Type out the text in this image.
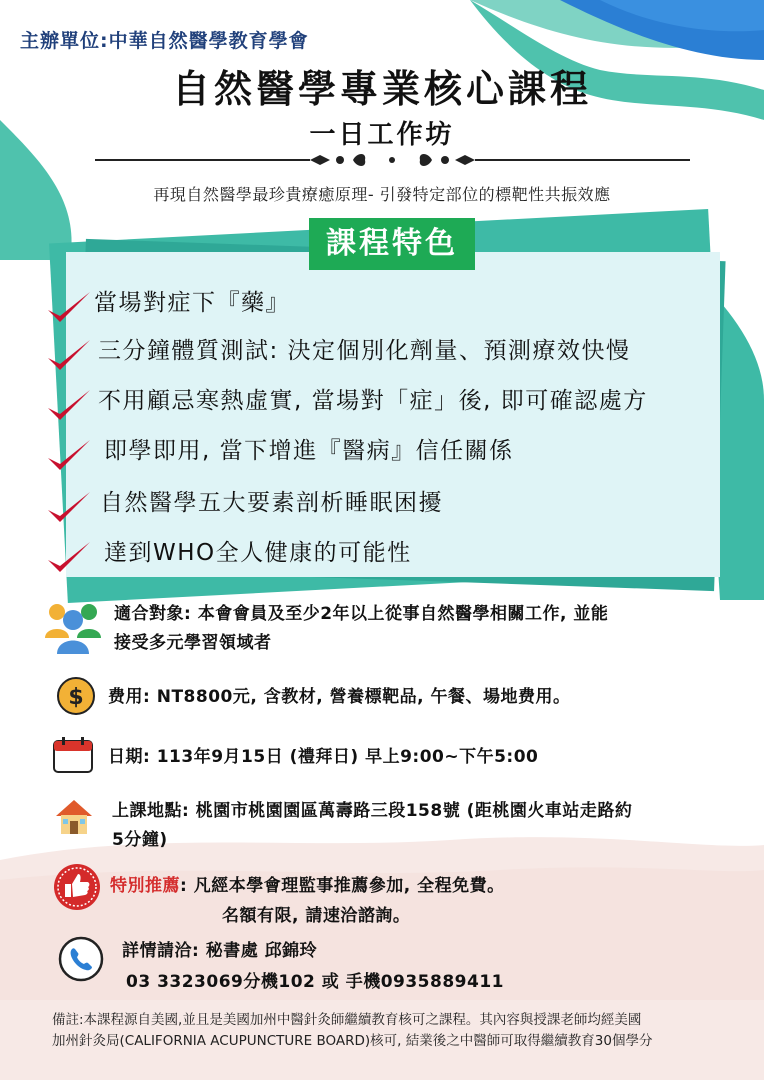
主辦單位:中華自然醫學教育學會
自然醫學專業核心課程
一日工作坊
再現自然醫學最珍貴療癒原理- 引發特定部位的標靶性共振效應
課程特色
當場對症下『藥』
三分鐘體質測試: 決定個別化劑量、預測療效快慢
不用顧忌寒熱虛實, 當場對「症」後, 即可確認處方
即學即用, 當下增進『醫病』信任關係
自然醫學五大要素剖析睡眠困擾
達到WHO全人健康的可能性
適合對象: 本會會員及至少2年以上從事自然醫學相關工作, 並能
接受多元學習領域者
$ 费用: NT8800元, 含教材, 營養標靶品, 午餐、場地费用。
日期: 113年9月15日 (禮拜日) 早上9:00~下午5:00
上課地點: 桃園市桃園園區萬壽路三段158號 (距桃園火車站走路約
5分鐘)
特別推薦: 凡經本學會理監事推薦參加, 全程免費。
名額有限, 請速洽諮詢。
詳情請洽: 秘書處 邱錦玲
03 3323069分機102 或 手機0935889411
備註:本課程源自美國,並且是美國加州中醫針灸師繼續教育核可之課程。其內容與授課老師均經美國
加州針灸局(CALIFORNIA ACUPUNCTURE BOARD)核可, 結業後之中醫師可取得繼續教育30個學分
